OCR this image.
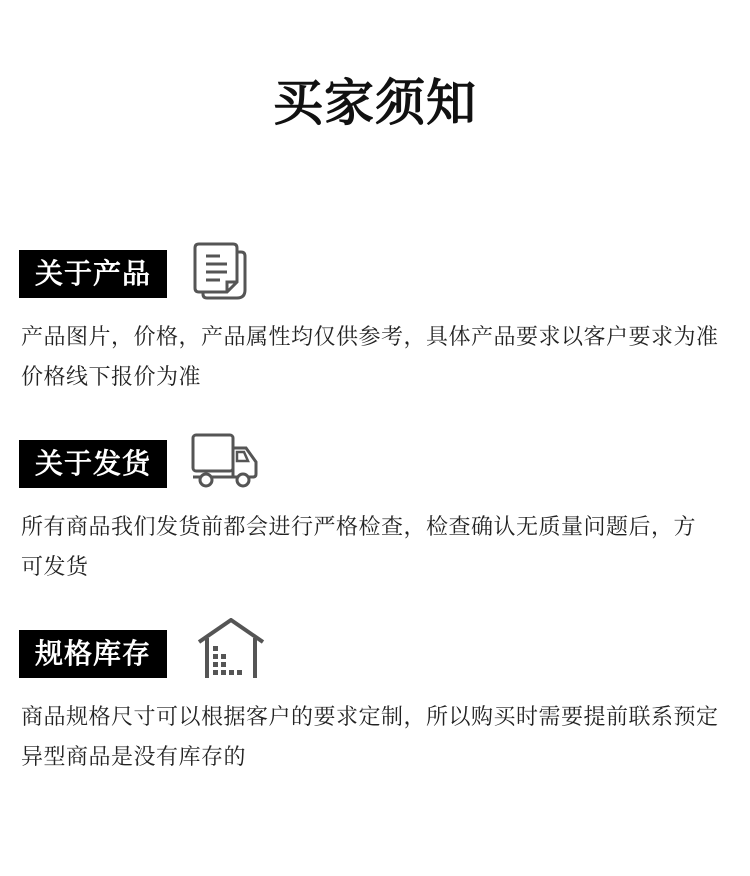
买家须知
关于产品
产品图片，价格，产品属性均仅供参考，具体产品要求以客户要求为准
价格线下报价为准
关于发货
所有商品我们发货前都会进行严格检查，检查确认无质量问题后，方
可发货
规格库存
商品规格尺寸可以根据客户的要求定制，所以购买时需要提前联系预定
异型商品是没有库存的
